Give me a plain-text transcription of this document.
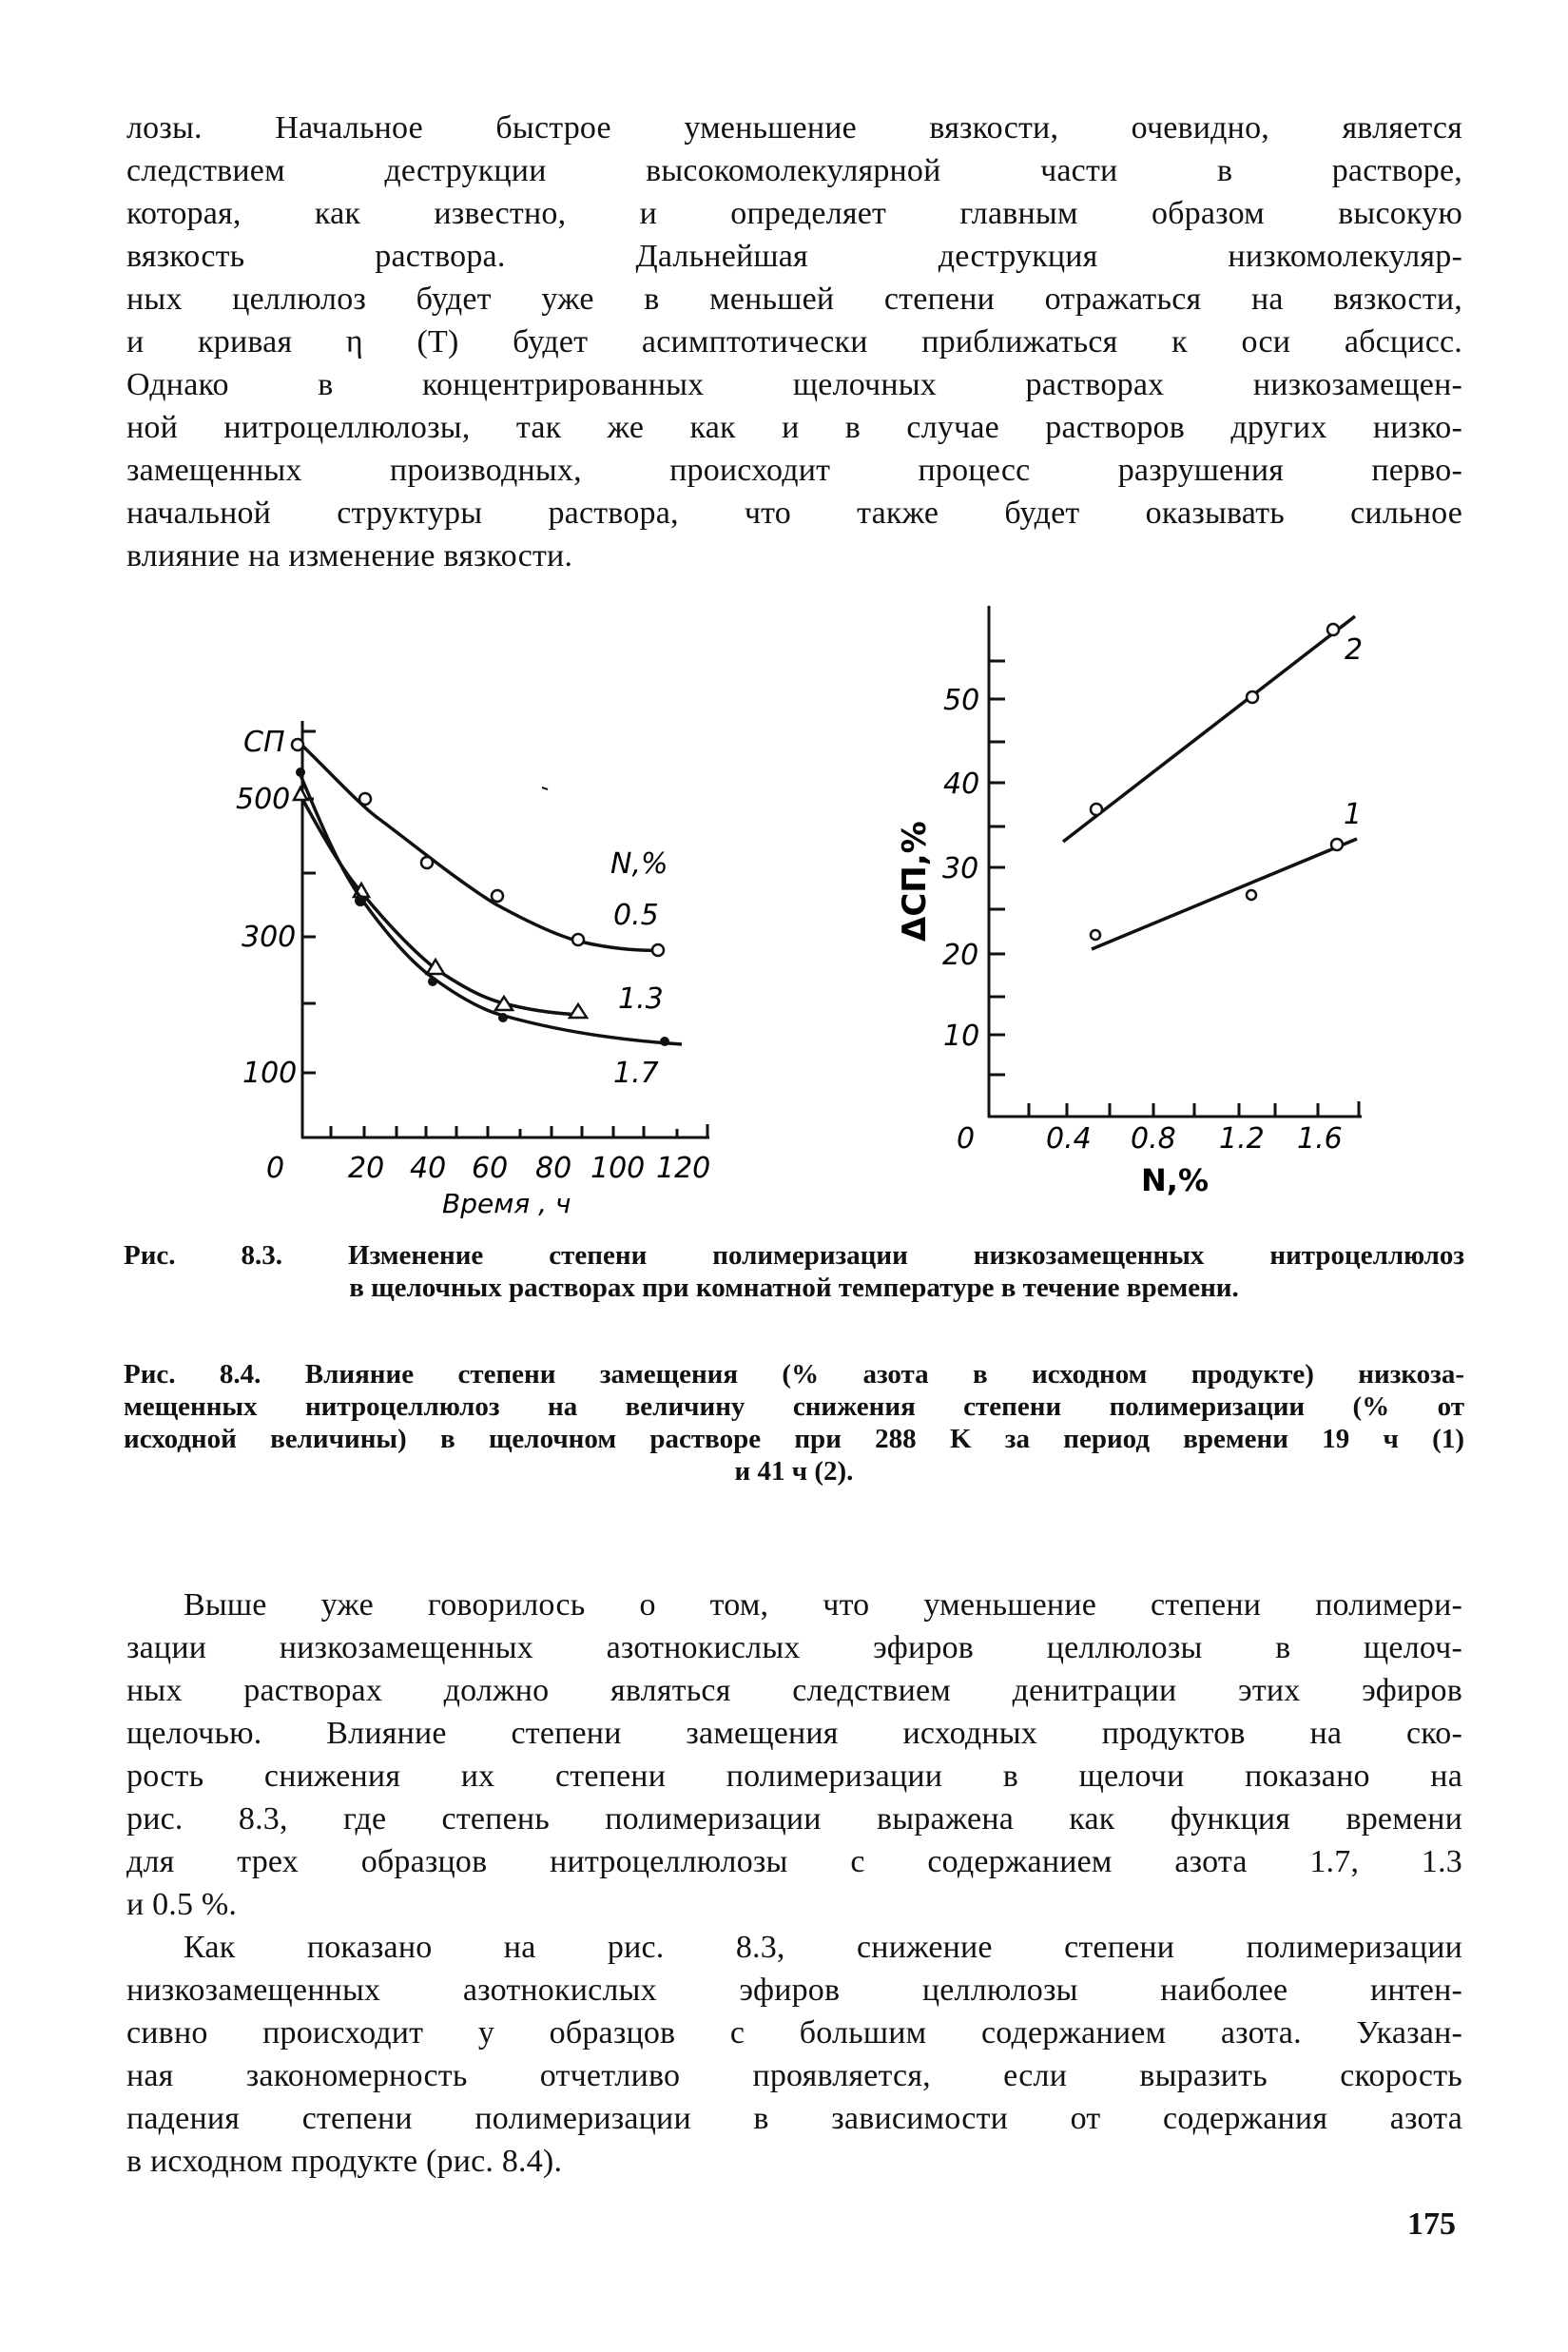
лозы. Начальное быстрое уменьшение вязкости, очевидно, является
следствием деструкции высокомолекулярной части в растворе,
которая, как известно, и определяет главным образом высокую
вязкость раствора. Дальнейшая деструкция низкомолекуляр-
ных целлюлоз будет уже в меньшей степени отражаться на вязкости,
и кривая η (T) будет асимптотически приближаться к оси абсцисс.
Однако в концентрированных щелочных растворах низкозамещен-
ной нитроцеллюлозы, так же как и в случае растворов других низко-
замещенных производных, происходит процесс разрушения перво-
начальной структуры раствора, что также будет оказывать сильное
влияние на изменение вязкости.
СП
500
300
100
0 20 40 60 80 100 120
Время , ч
N,%
0.5
1.3
1.7
50
40
30
20
10
0
ΔСП,%
0.4 0.8 1.2 1.6
N,%
2
1
Рис. 8.3. Изменение степени полимеризации низкозамещенных нитроцеллюлоз
в щелочных растворах при комнатной температуре в течение времени.
Рис. 8.4. Влияние степени замещения (% азота в исходном продукте) низкоза-
мещенных нитроцеллюлоз на величину снижения степени полимеризации (% от
исходной величины) в щелочном растворе при 288 K за период времени 19 ч (1)
и 41 ч (2).
Выше уже говорилось о том, что уменьшение степени полимери-
зации низкозамещенных азотнокислых эфиров целлюлозы в щелоч-
ных растворах должно являться следствием денитрации этих эфиров
щелочью. Влияние степени замещения исходных продуктов на ско-
рость снижения их степени полимеризации в щелочи показано на
рис. 8.3, где степень полимеризации выражена как функция времени
для трех образцов нитроцеллюлозы с содержанием азота 1.7, 1.3
и 0.5 %.
Как показано на рис. 8.3, снижение степени полимеризации
низкозамещенных азотнокислых эфиров целлюлозы наиболее интен-
сивно происходит у образцов с большим содержанием азота. Указан-
ная закономерность отчетливо проявляется, если выразить скорость
падения степени полимеризации в зависимости от содержания азота
в исходном продукте (рис. 8.4).
175
